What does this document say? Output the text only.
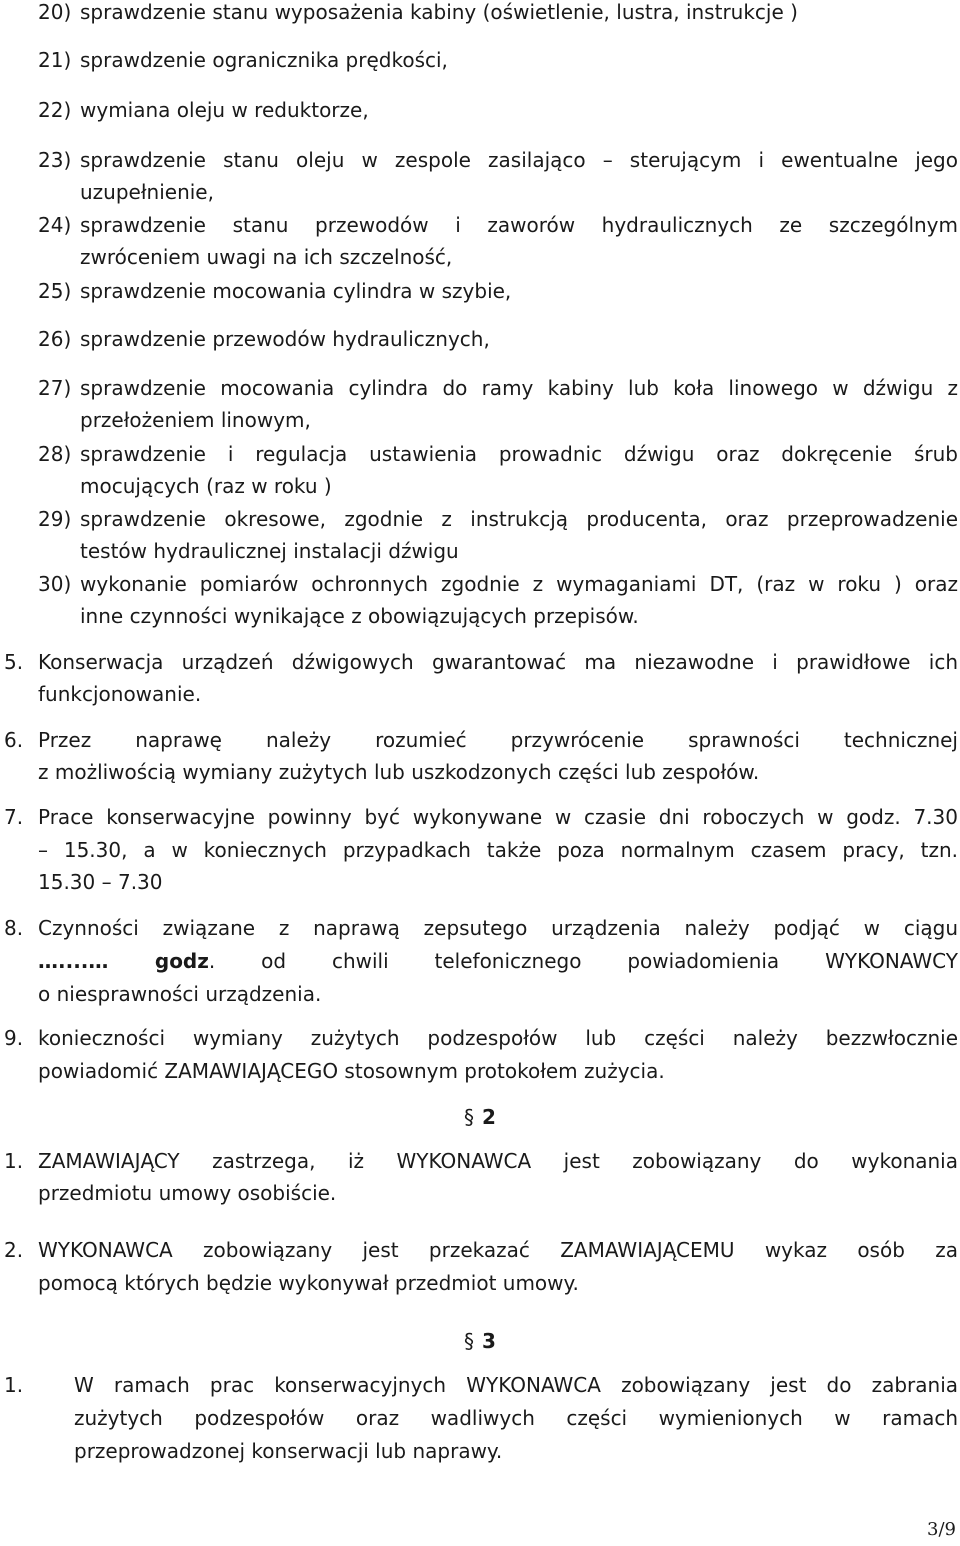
20) sprawdzenie stanu wyposażenia kabiny (oświetlenie, lustra, instrukcje )
21) sprawdzenie ogranicznika prędkości,
22) wymiana oleju w reduktorze,
23) sprawdzenie stanu oleju w zespole zasilająco – sterującym i ewentualne jego
uzupełnienie,
24) sprawdzenie stanu przewodów i zaworów hydraulicznych ze szczególnym
zwróceniem uwagi na ich szczelność,
25) sprawdzenie mocowania cylindra w szybie,
26) sprawdzenie przewodów hydraulicznych,
27) sprawdzenie mocowania cylindra do ramy kabiny lub koła linowego w dźwigu z
przełożeniem linowym,
28) sprawdzenie i regulacja ustawienia prowadnic dźwigu oraz dokręcenie śrub
mocujących (raz w roku )
29) sprawdzenie okresowe, zgodnie z instrukcją producenta, oraz przeprowadzenie
testów hydraulicznej instalacji dźwigu
30) wykonanie pomiarów ochronnych zgodnie z wymaganiami DT, (raz w roku ) oraz
inne czynności wynikające z obowiązujących przepisów.
5. Konserwacja urządzeń dźwigowych gwarantować ma niezawodne i prawidłowe ich
funkcjonowanie.
6. Przez naprawę należy rozumieć przywrócenie sprawności technicznej
z możliwością wymiany zużytych lub uszkodzonych części lub zespołów.
7. Prace konserwacyjne powinny być wykonywane w czasie dni roboczych w godz. 7.30
– 15.30, a w koniecznych przypadkach także poza normalnym czasem pracy, tzn.
15.30 – 7.30
8. Czynności związane z naprawą zepsutego urządzenia należy podjąć w ciągu
…....… godz. od chwili telefonicznego powiadomienia WYKONAWCY
o niesprawności urządzenia.
9. konieczności wymiany zużytych podzespołów lub części należy bezzwłocznie
powiadomić ZAMAWIAJĄCEGO stosownym protokołem zużycia.
§ 2
1. ZAMAWIAJĄCY zastrzega, iż WYKONAWCA jest zobowiązany do wykonania
przedmiotu umowy osobiście.
2. WYKONAWCA zobowiązany jest przekazać ZAMAWIAJĄCEMU wykaz osób za
pomocą których będzie wykonywał przedmiot umowy.
§ 3
1.	W ramach prac konserwacyjnych WYKONAWCA zobowiązany jest do zabrania
zużytych podzespołów oraz wadliwych części wymienionych w ramach
przeprowadzonej konserwacji lub naprawy.
3/9
